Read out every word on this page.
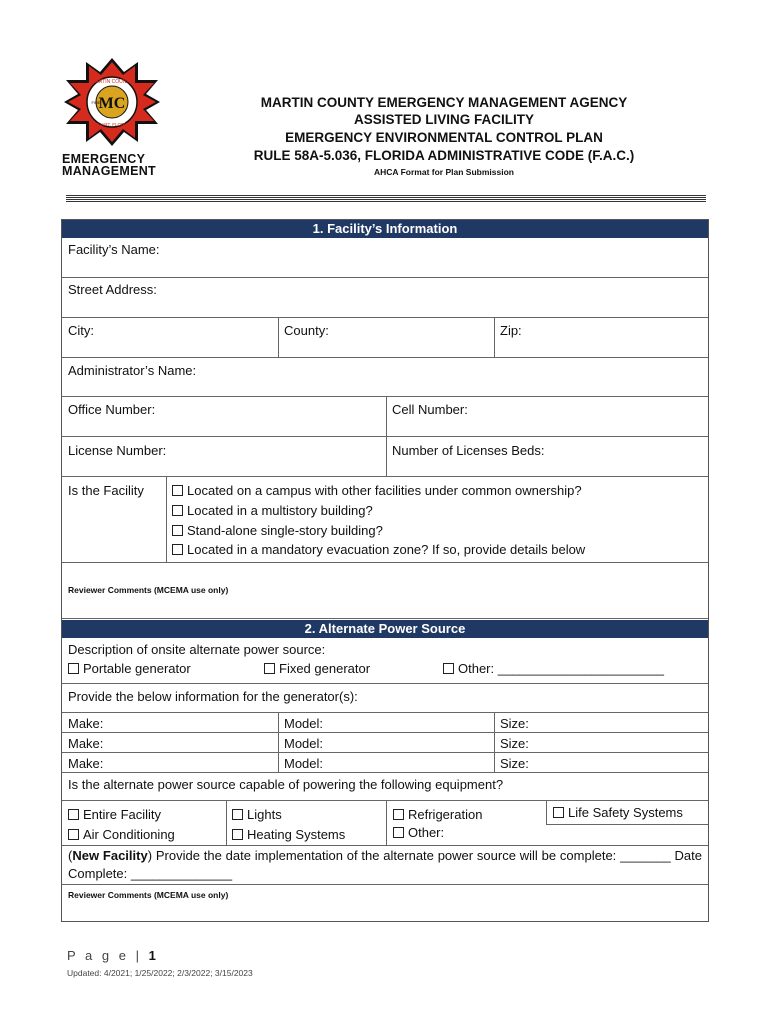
MC
MARTIN COUNTY
STUART, FLORIDA
FIRE
EMERGENCY
MANAGEMENT
MARTIN COUNTY EMERGENCY MANAGEMENT AGENCY
ASSISTED LIVING FACILITY
EMERGENCY ENVIRONMENTAL CONTROL PLAN
RULE 58A-5.036, FLORIDA ADMINISTRATIVE CODE (F.A.C.)
AHCA Format for Plan Submission
1. Facility’s Information
Facility’s Name:
Street Address:
City:	County:	Zip:
Administrator’s Name:
Office Number:	Cell Number:
License Number:	Number of Licenses Beds:
Is the Facility	Located on a campus with other facilities under common ownership?
Located in a multistory building?
Stand-alone single-story building?
Located in a mandatory evacuation zone? If so, provide details below
Reviewer Comments (MCEMA use only)
2. Alternate Power Source
Description of onsite alternate power source:
Portable generator	Fixed generator	Other: _______________________
Provide the below information for the generator(s):
Make:	Model:	Size:
Make:	Model:	Size:
Make:	Model:	Size:
Is the alternate power source capable of powering the following equipment?
Entire Facility	Lights	Refrigeration	Life Safety Systems
Air Conditioning	Heating Systems	Other:
(New Facility) Provide the date implementation of the alternate power source will be complete: _______ Date Complete: ______________
Reviewer Comments (MCEMA use only)
P a g e | 1
Updated: 4/2021; 1/25/2022; 2/3/2022; 3/15/2023
